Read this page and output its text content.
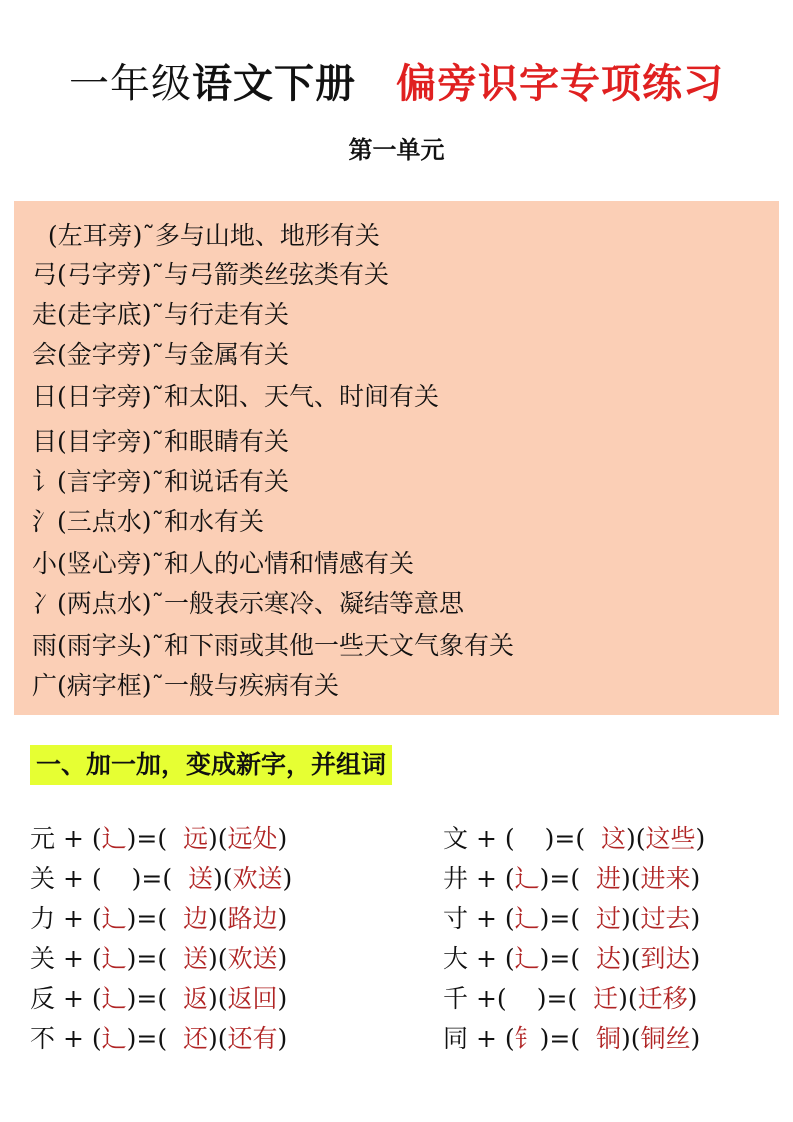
一年级语文下册 偏旁识字专项练习
第一单元
(左耳旁)˜多与山地、地形有关
弓(弓字旁)˜与弓箭类丝弦类有关
走(走字底)˜与行走有关
会(金字旁)˜与金属有关
日(日字旁)˜和太阳、天气、时间有关
目(目字旁)˜和眼睛有关
讠(言字旁)˜和说话有关
氵(三点水)˜和水有关
小(竖心旁)˜和人的心情和情感有关
冫(两点水)˜一般表示寒冷、凝结等意思
雨(雨字头)˜和下雨或其他一些天文气象有关
广(病字框)˜一般与疾病有关
一、加一加，变成新字，并组词
元 + (辶)=(  远)(远处)
关 + ( )=(  送)(欢送)
力 + (辶)=(  边)(路边)
关 + (辶)=(  送)(欢送)
反 + (辶)=(  返)(返回)
不 + (辶)=(  还)(还有)
文 + ( )=(  这)(这些)
井 + (辶)=(  进)(进来)
寸 + (辶)=(  过)(过去)
大 + (辶)=(  达)(到达)
千 +( )=(  迁)(迁移)
同 + (钅)=(  铜)(铜丝)
